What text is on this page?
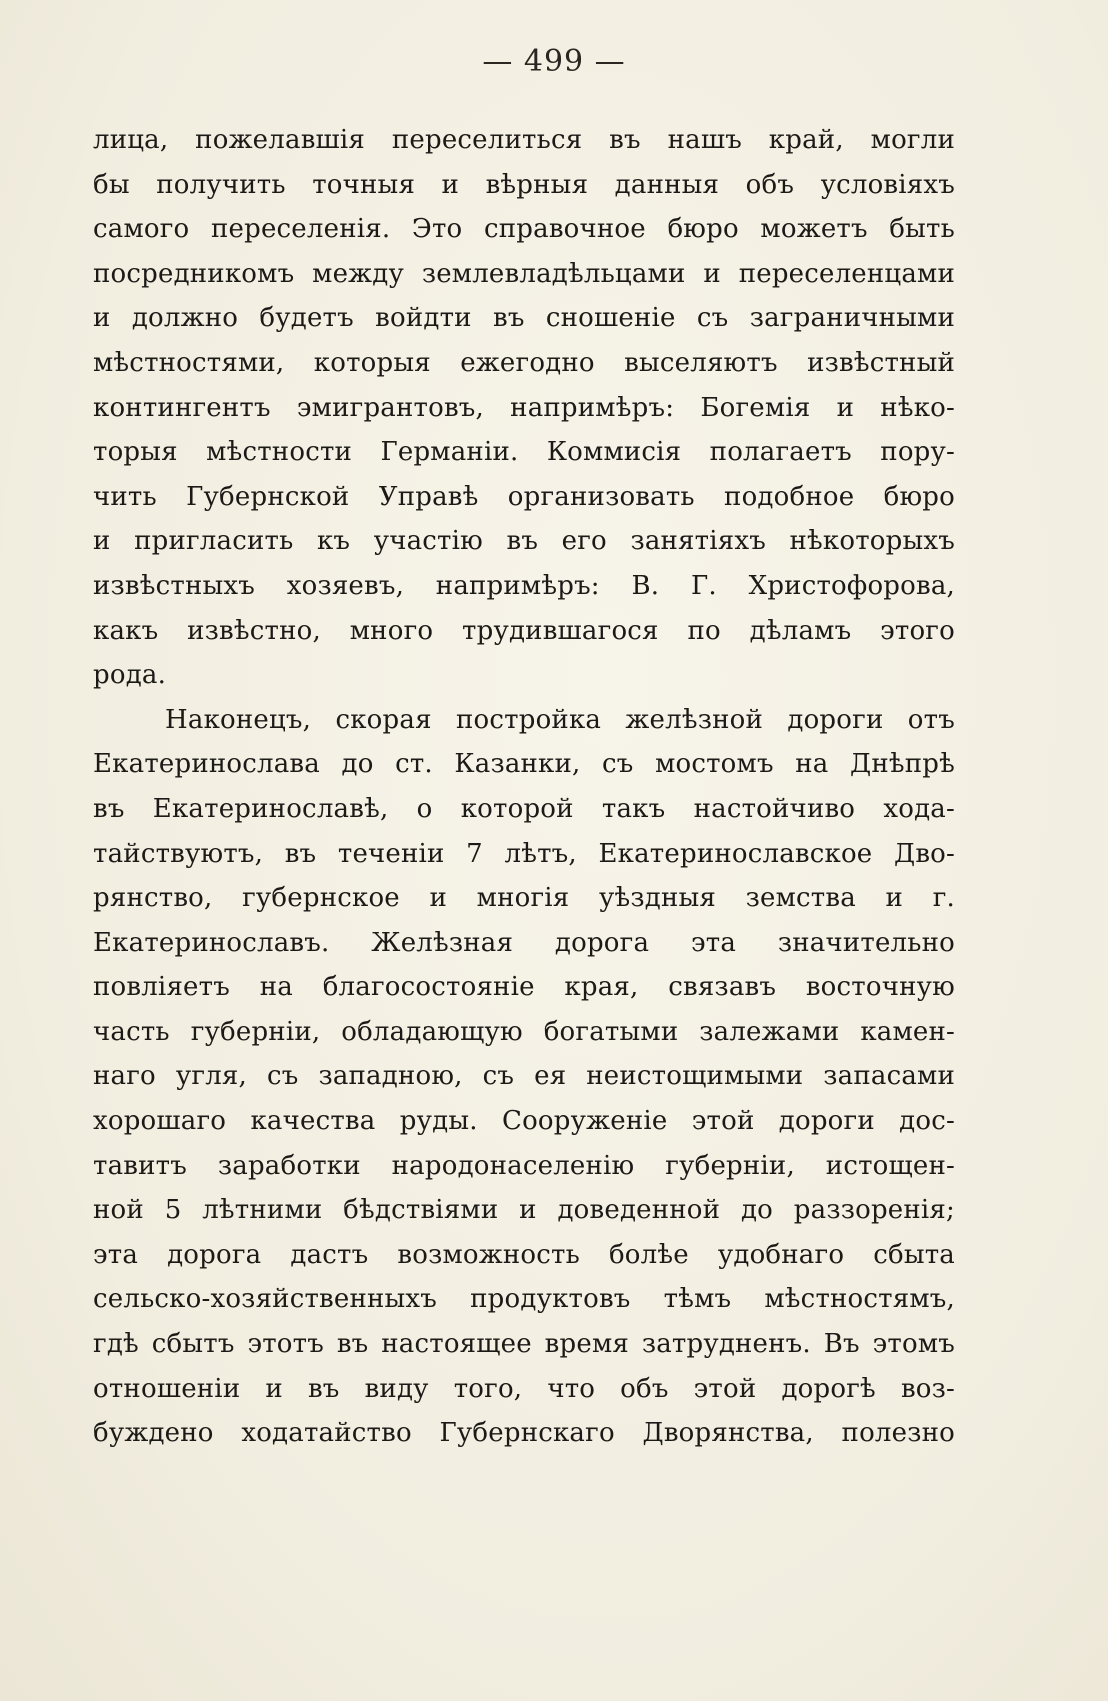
— 499 —
лица, пожелавшія переселиться въ нашъ край, могли
бы получить точныя и вѣрныя данныя объ условіяхъ
самого переселенія. Это справочное бюро можетъ быть
посредникомъ между землевладѣльцами и переселенцами
и должно будетъ войдти въ сношеніе съ заграничными
мѣстностями, которыя ежегодно выселяютъ извѣстный
контингентъ эмигрантовъ, напримѣръ: Богемія и нѣко-
торыя мѣстности Германіи. Коммисія полагаетъ пору-
чить Губернской Управѣ организовать подобное бюро
и пригласить къ участію въ его занятіяхъ нѣкоторыхъ
извѣстныхъ хозяевъ, напримѣръ: В. Г. Христофорова,
какъ извѣстно, много трудившагося по дѣламъ этого
рода.
Наконецъ, скорая постройка желѣзной дороги отъ
Екатеринослава до ст. Казанки, съ мостомъ на Днѣпрѣ
въ Екатеринославѣ, о которой такъ настойчиво хода-
тайствуютъ, въ теченіи 7 лѣтъ, Екатеринославское Дво-
рянство, губернское и многія уѣздныя земства и г.
Екатеринославъ. Желѣзная дорога эта значительно
повліяетъ на благосостояніе края, связавъ восточную
часть губерніи, обладающую богатыми залежами камен-
наго угля, съ западною, съ ея неистощимыми запасами
хорошаго качества руды. Сооруженіе этой дороги дос-
тавитъ заработки народонаселенію губерніи, истощен-
ной 5 лѣтними бѣдствіями и доведенной до раззоренія;
эта дорога дастъ возможность болѣе удобнаго сбыта
сельско-хозяйственныхъ продуктовъ тѣмъ мѣстностямъ,
гдѣ сбытъ этотъ въ настоящее время затрудненъ. Въ этомъ
отношеніи и въ виду того, что объ этой дорогѣ воз-
буждено ходатайство Губернскаго Дворянства, полезно
